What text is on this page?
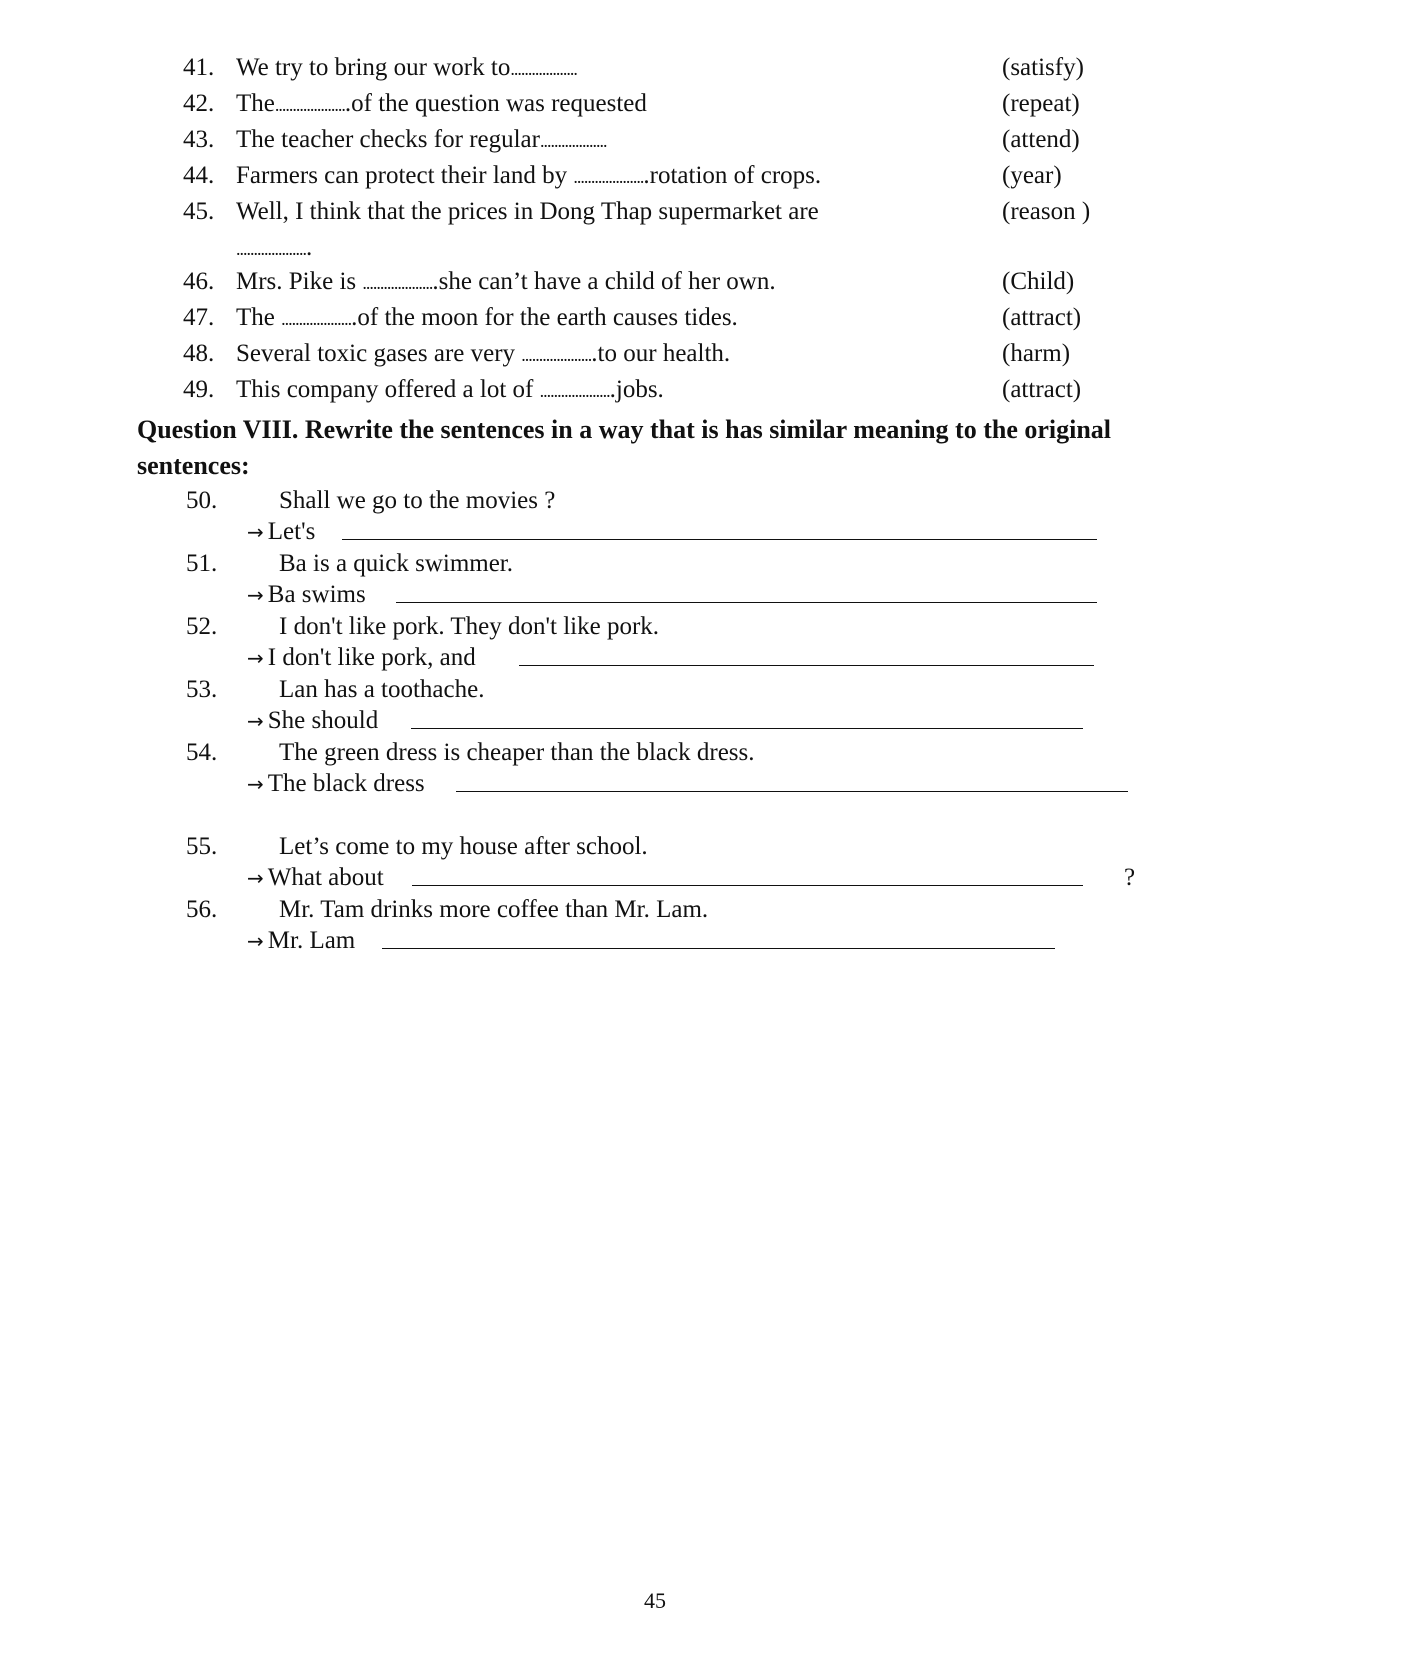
41. We try to bring our work to...................	(satisfy)
42. The.....................of the question was requested	(repeat)
43. The teacher checks for regular...................	(attend)
44. Farmers can protect their land by .....................rotation of crops.	(year)
45. Well, I think that the prices in Dong Thap supermarket are	(reason )
.....................
46. Mrs. Pike is .....................she can’t have a child of her own.	(Child)
47. The .....................of the moon for the earth causes tides.	(attract)
48. Several toxic gases are very .....................to our health.	(harm)
49. This company offered a lot of .....................jobs.	(attract)
Question VIII. Rewrite the sentences in a way that is has similar meaning to the original sentences:
50. Shall we go to the movies ?
→ Let's
51. Ba is a quick swimmer.
→ Ba swims
52. I don't like pork. They don't like pork.
→ I don't like pork, and
53. Lan has a toothache.
→ She should
54. The green dress is cheaper than the black dress.
→ The black dress
55. Let’s come to my house after school.
→ What about	?
56. Mr. Tam drinks more coffee than Mr. Lam.
→ Mr. Lam
45
